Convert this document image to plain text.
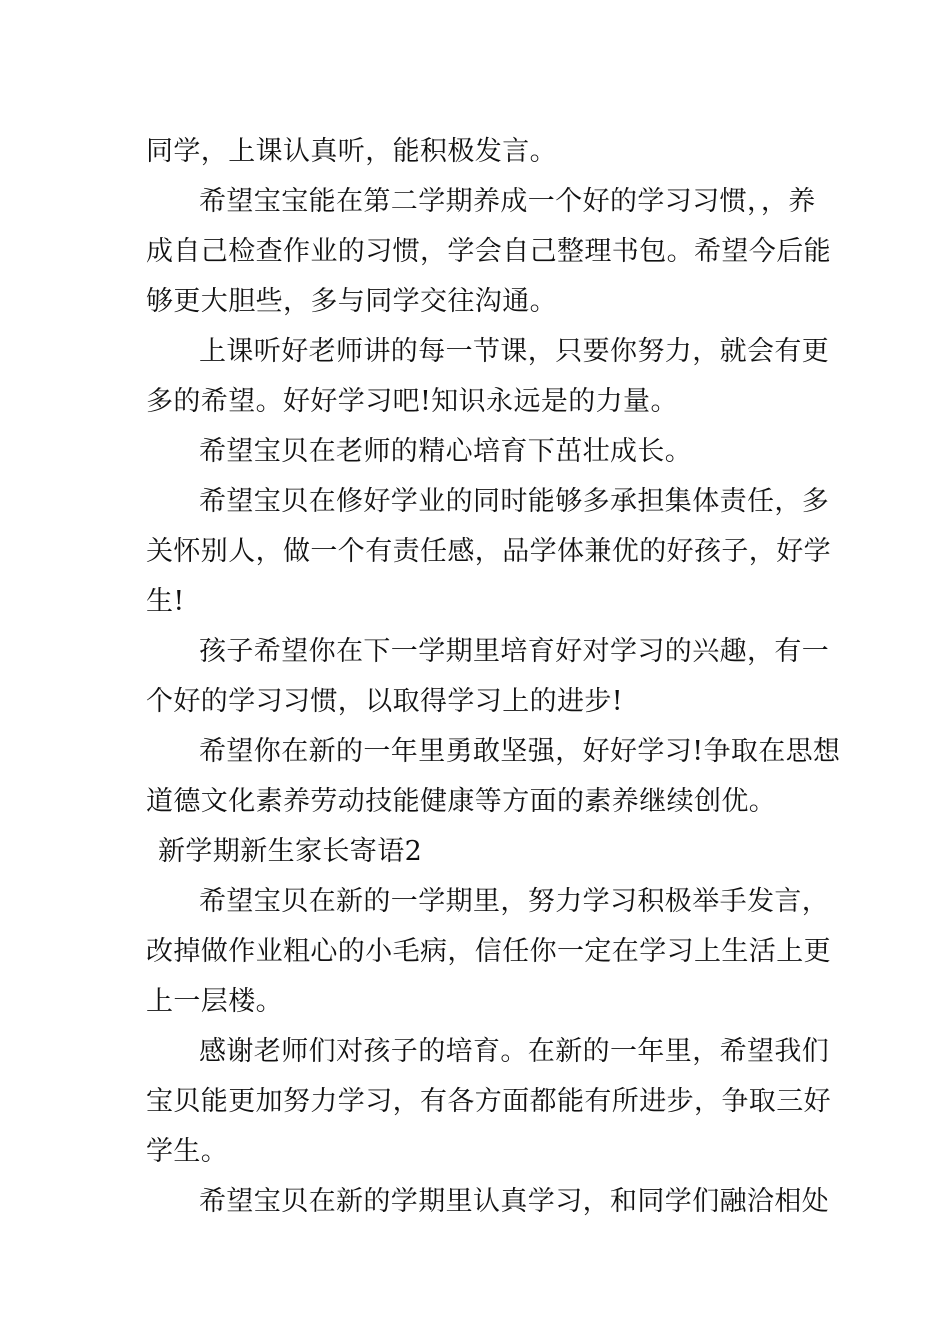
同学，上课认真听，能积极发言。
希望宝宝能在第二学期养成一个好的学习习惯，，养
成自己检查作业的习惯，学会自己整理书包。希望今后能
够更大胆些，多与同学交往沟通。
上课听好老师讲的每一节课，只要你努力，就会有更
多的希望。好好学习吧!知识永远是的力量。
希望宝贝在老师的精心培育下茁壮成长。
希望宝贝在修好学业的同时能够多承担集体责任，多
关怀别人，做一个有责任感，品学体兼优的好孩子，好学
生!
孩子希望你在下一学期里培育好对学习的兴趣，有一
个好的学习习惯，以取得学习上的进步!
希望你在新的一年里勇敢坚强，好好学习!争取在思想
道德文化素养劳动技能健康等方面的素养继续创优。
新学期新生家长寄语2
希望宝贝在新的一学期里，努力学习积极举手发言，
改掉做作业粗心的小毛病，信任你一定在学习上生活上更
上一层楼。
感谢老师们对孩子的培育。在新的一年里，希望我们
宝贝能更加努力学习，有各方面都能有所进步，争取三好
学生。
希望宝贝在新的学期里认真学习，和同学们融洽相处
